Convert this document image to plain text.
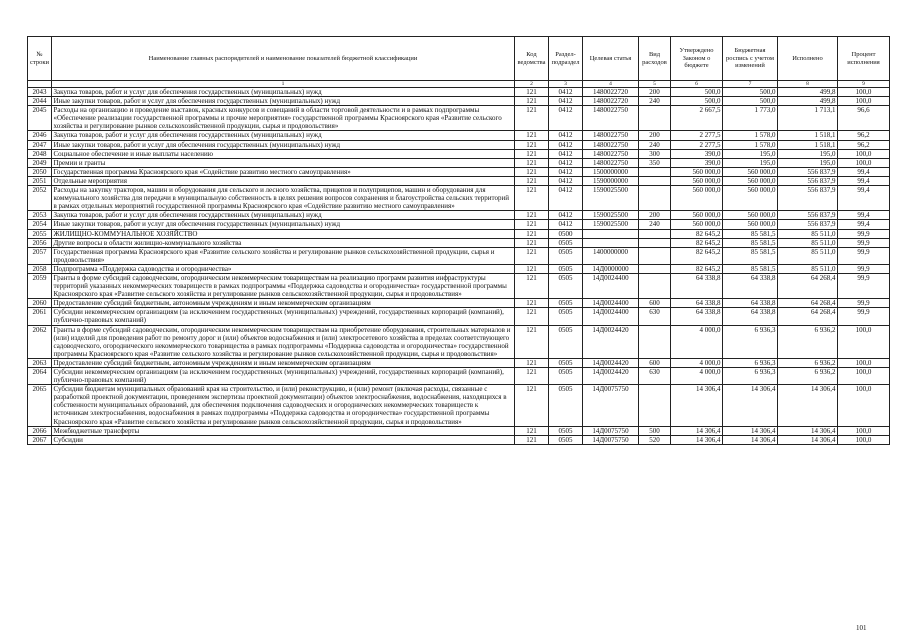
№ строки	Наименование главных распорядителей и наименование показателей бюджетной классификации	Код ведомства	Раздел-подраздел	Целевая статья	Вид расходов	Утверждено Законом о бюджете	Бюджетная роспись с учетом изменений	Исполнено	Процент исполнения
	1	2	3	4	5	6	7	8	9
2043	Закупка товаров, работ и услуг для обеспечения государственных (муниципальных) нужд	121	0412	1480022720	200	500,0	500,0	499,8	100,0
2044	Иные закупки товаров, работ и услуг для обеспечения государственных (муниципальных) нужд	121	0412	1480022720	240	500,0	500,0	499,8	100,0
2045	Расходы на организацию и проведение выставок, красных конкурсов и совещаний в области торговой деятельности и в рамках подпрограммы «Обеспечение реализации государственной программы и прочие мероприятия» государственной программы Красноярского края «Развитие сельского хозяйства и регулирование рынков сельскохозяйственной продукции, сырья и продовольствия»	121	0412	1480022750		2 667,5	1 773,0	1 713,1	96,6
2046	Закупка товаров, работ и услуг для обеспечения государственных (муниципальных) нужд	121	0412	1480022750	200	2 277,5	1 578,0	1 518,1	96,2
2047	Иные закупки товаров, работ и услуг для обеспечения государственных (муниципальных) нужд	121	0412	1480022750	240	2 277,5	1 578,0	1 518,1	96,2
2048	Социальное обеспечение и иные выплаты населению	121	0412	1480022750	300	390,0	195,0	195,0	100,0
2049	Премии и гранты	121	0412	1480022750	350	390,0	195,0	195,0	100,0
2050	Государственная программа Красноярского края «Содействие развитию местного самоуправления»	121	0412	1500000000		560 000,0	560 000,0	556 837,9	99,4
2051	Отдельные мероприятия	121	0412	1590000000		560 000,0	560 000,0	556 837,9	99,4
2052	Расходы на закупку тракторов, машин и оборудования для сельского и лесного хозяйства, прицепов и полуприцепов, машин и оборудования для коммунального хозяйства для передачи в муниципальную собственность в целях решения вопросов сохранения и благоустройства сельских территорий в рамках отдельных мероприятий государственной программы Красноярского края «Содействие развитию местного самоуправления»	121	0412	1590025500		560 000,0	560 000,0	556 837,9	99,4
2053	Закупка товаров, работ и услуг для обеспечения государственных (муниципальных) нужд	121	0412	1590025500	200	560 000,0	560 000,0	556 837,9	99,4
2054	Иные закупки товаров, работ и услуг для обеспечения государственных (муниципальных) нужд	121	0412	1590025500	240	560 000,0	560 000,0	556 837,9	99,4
2055	ЖИЛИЩНО-КОММУНАЛЬНОЕ ХОЗЯЙСТВО	121	0500			82 645,2	85 581,5	85 511,0	99,9
2056	Другие вопросы в области жилищно-коммунального хозяйства	121	0505			82 645,2	85 581,5	85 511,0	99,9
2057	Государственная программа Красноярского края «Развитие сельского хозяйства и регулирование рынков сельскохозяйственной продукции, сырья и продовольствия»	121	0505	1400000000		82 645,2	85 581,5	85 511,0	99,9
2058	Подпрограмма «Поддержка садоводства и огородничества»	121	0505	14Д0000000		82 645,2	85 581,5	85 511,0	99,9
2059	Гранты в форме субсидий садоводческим, огородническим некоммерческим товариществам на реализацию программ развития инфраструктуры территорий указанных некоммерческих товариществ в рамках подпрограммы «Поддержка садоводства и огородничества» государственной программы Красноярского края «Развитие сельского хозяйства и регулирование рынков сельскохозяйственной продукции, сырья и продовольствия»	121	0505	14Д0024400		64 338,8	64 338,8	64 268,4	99,9
2060	Предоставление субсидий бюджетным, автономным учреждениям и иным некоммерческим организациям	121	0505	14Д0024400	600	64 338,8	64 338,8	64 268,4	99,9
2061	Субсидии некоммерческим организациям (за исключением государственных (муниципальных) учреждений, государственных корпораций (компаний), публично-правовых компаний)	121	0505	14Д0024400	630	64 338,8	64 338,8	64 268,4	99,9
2062	Гранты в форме субсидий садоводческим, огородническим некоммерческим товариществам на приобретение оборудования, строительных материалов и (или) изделий для проведения работ по ремонту дорог и (или) объектов водоснабжения и (или) электросетевого хозяйства в пределах соответствующего садоводческого, огороднического некоммерческого товарищества в рамках подпрограммы «Поддержка садоводства и огородничества» государственной программы Красноярского края «Развитие сельского хозяйства и регулирование рынков сельскохозяйственной продукции, сырья и продовольствия»	121	0505	14Д0024420		4 000,0	6 936,3	6 936,2	100,0
2063	Предоставление субсидий бюджетным, автономным учреждениям и иным некоммерческим организациям	121	0505	14Д0024420	600	4 000,0	6 936,3	6 936,2	100,0
2064	Субсидии некоммерческим организациям (за исключением государственных (муниципальных) учреждений, государственных корпораций (компаний), публично-правовых компаний)	121	0505	14Д0024420	630	4 000,0	6 936,3	6 936,2	100,0
2065	Субсидии бюджетам муниципальных образований края на строительство, и (или) реконструкцию, и (или) ремонт (включая расходы, связанные с разработкой проектной документации, проведением экспертизы проектной документации) объектов электроснабжения, водоснабжения, находящихся в собственности муниципальных образований, для обеспечения подключения садоводческих и огороднических некоммерческих товариществ к источникам электроснабжения, водоснабжения в рамках подпрограммы «Поддержка садоводства и огородничества» государственной программы Красноярского края «Развитие сельского хозяйства и регулирование рынков сельскохозяйственной продукции, сырья и продовольствия»	121	0505	14Д0075750		14 306,4	14 306,4	14 306,4	100,0
2066	Межбюджетные трансферты	121	0505	14Д0075750	500	14 306,4	14 306,4	14 306,4	100,0
2067	Субсидии	121	0505	14Д0075750	520	14 306,4	14 306,4	14 306,4	100,0
101
